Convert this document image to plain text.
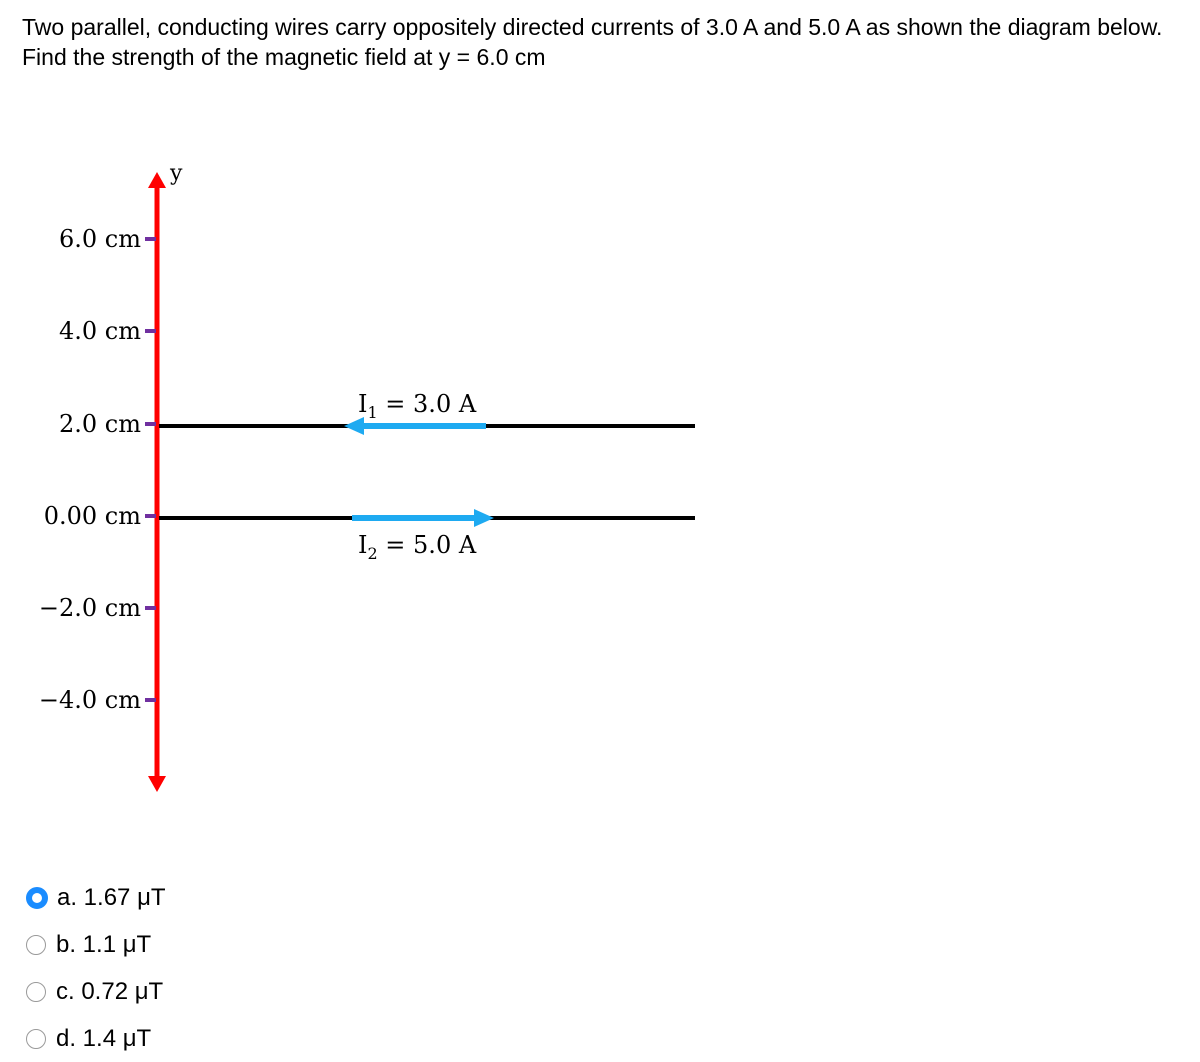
Two parallel, conducting wires carry oppositely directed currents of 3.0 A and 5.0 A as shown the diagram below. Find the strength of the magnetic field at y = 6.0 cm
y
6.0 cm
4.0 cm
2.0 cm
0.00 cm
−2.0 cm
−4.0 cm
$I_1 = 3.0$ A
$I_2 = 5.0$ A
a. 1.67 μT
b. 1.1 μT
c. 0.72 μT
d. 1.4 μT
